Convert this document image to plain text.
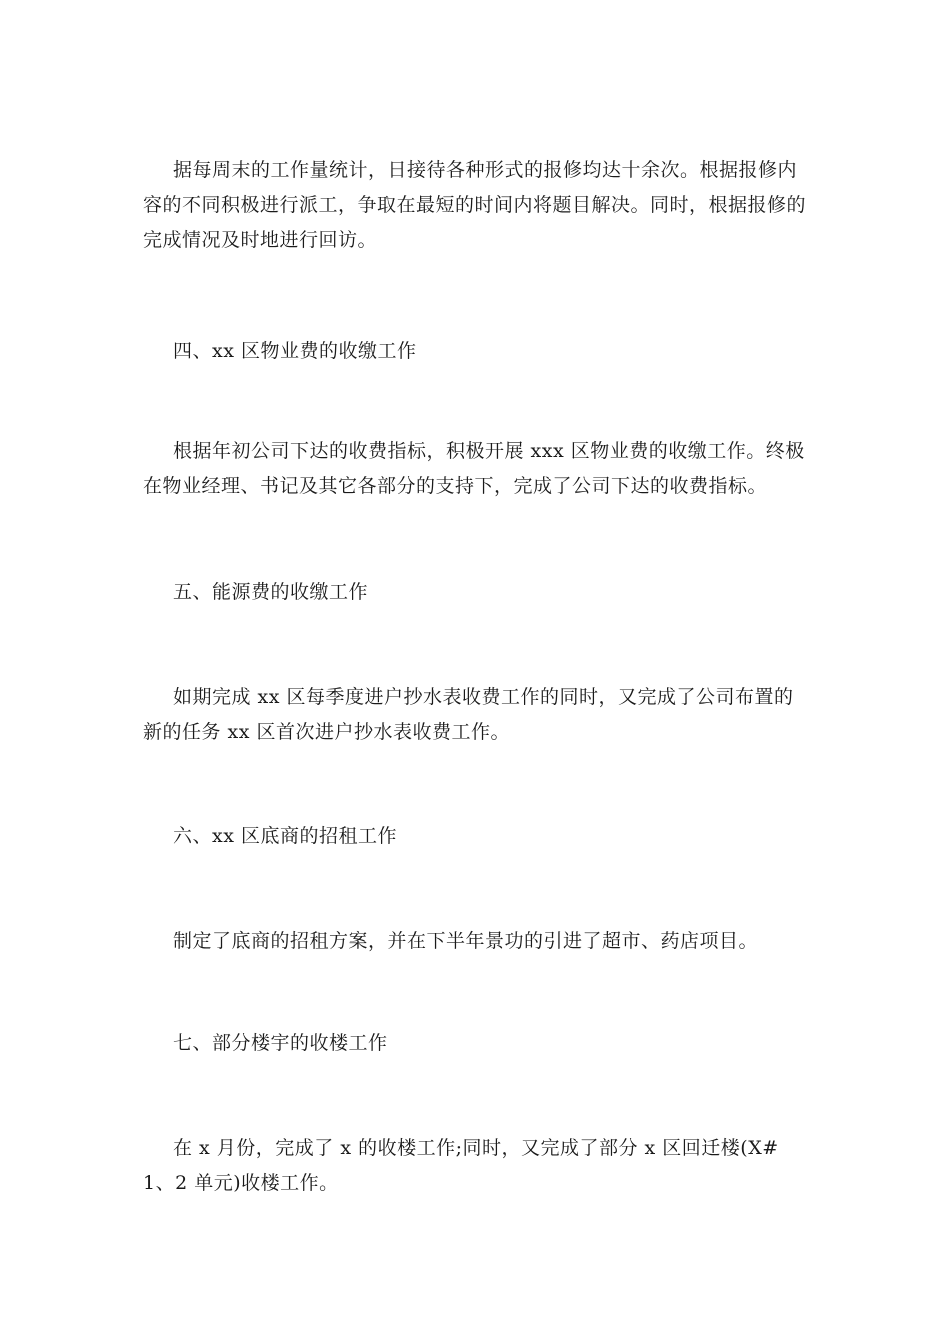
据每周末的工作量统计，日接待各种形式的报修均达十余次。根据报修内容的不同积极进行派工，争取在最短的时间内将题目解决。同时，根据报修的完成情况及时地进行回访。

四、xx 区物业费的收缴工作

根据年初公司下达的收费指标，积极开展 xxx 区物业费的收缴工作。终极在物业经理、书记及其它各部分的支持下，完成了公司下达的收费指标。

五、能源费的收缴工作

如期完成 xx 区每季度进户抄水表收费工作的同时，又完成了公司布置的新的任务 xx 区首次进户抄水表收费工作。

六、xx 区底商的招租工作

制定了底商的招租方案，并在下半年景功的引进了超市、药店项目。

七、部分楼宇的收楼工作

在 x 月份，完成了 x 的收楼工作;同时，又完成了部分 x 区回迁楼(X# 1、2 单元)收楼工作。
